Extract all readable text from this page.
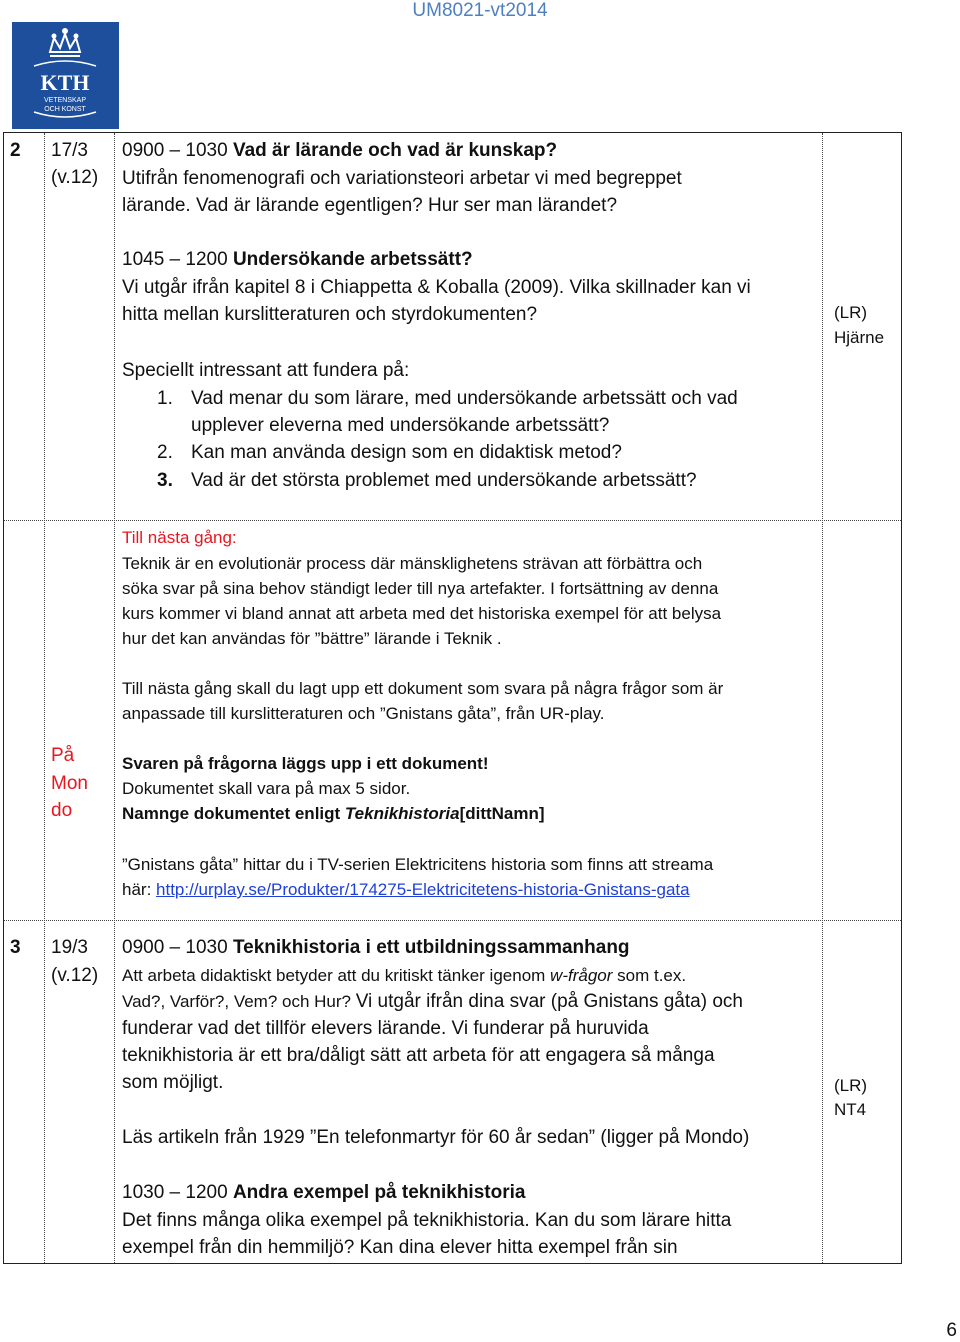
UM8021-vt2014
KTH
VETENSKAP
OCH KONST
2 17/3
(v.12)
(LR)
Hjärne
0900 – 1030 Vad är lärande och vad är kunskap?
Utifrån fenomenografi och variationsteori arbetar vi med begreppet
lärande. Vad är lärande egentligen? Hur ser man lärandet?
1045 – 1200 Undersökande arbetssätt?
Vi utgår ifrån kapitel 8 i Chiappetta & Koballa (2009). Vilka skillnader kan vi
hitta mellan kurslitteraturen och styrdokumenten?
Speciellt intressant att fundera på:
1. Vad menar du som lärare, med undersökande arbetssätt och vad
upplever eleverna med undersökande arbetssätt?
2. Kan man använda design som en didaktisk metod?
3. Vad är det största problemet med undersökande arbetssätt?
På
Mon
do
Till nästa gång:
Teknik är en evolutionär process där mänsklighetens strävan att förbättra och
söka svar på sina behov ständigt leder till nya artefakter. I fortsättning av denna
kurs kommer vi bland annat att arbeta med det historiska exempel för att belysa
hur det kan användas för ”bättre” lärande i Teknik .
Till nästa gång skall du lagt upp ett dokument som svara på några frågor som är
anpassade till kurslitteraturen och ”Gnistans gåta”, från UR-play.
Svaren på frågorna läggs upp i ett dokument!
Dokumentet skall vara på max 5 sidor.
Namnge dokumentet enligt Teknikhistoria[dittNamn]
”Gnistans gåta” hittar du i TV-serien Elektricitens historia som finns att streama
här: http://urplay.se/Produkter/174275-Elektricitetens-historia-Gnistans-gata
3 19/3
(v.12)
(LR)
NT4
0900 – 1030 Teknikhistoria i ett utbildningssammanhang
Att arbeta didaktiskt betyder att du kritiskt tänker igenom w-frågor som t.ex.
Vad?, Varför?, Vem? och Hur? Vi utgår ifrån dina svar (på Gnistans gåta) och
funderar vad det tillför elevers lärande. Vi funderar på huruvida
teknikhistoria är ett bra/dåligt sätt att arbeta för att engagera så många
som möjligt.
Läs artikeln från 1929 ”En telefonmartyr för 60 år sedan” (ligger på Mondo)
1030 – 1200 Andra exempel på teknikhistoria
Det finns många olika exempel på teknikhistoria. Kan du som lärare hitta
exempel från din hemmiljö? Kan dina elever hitta exempel från sin
6
